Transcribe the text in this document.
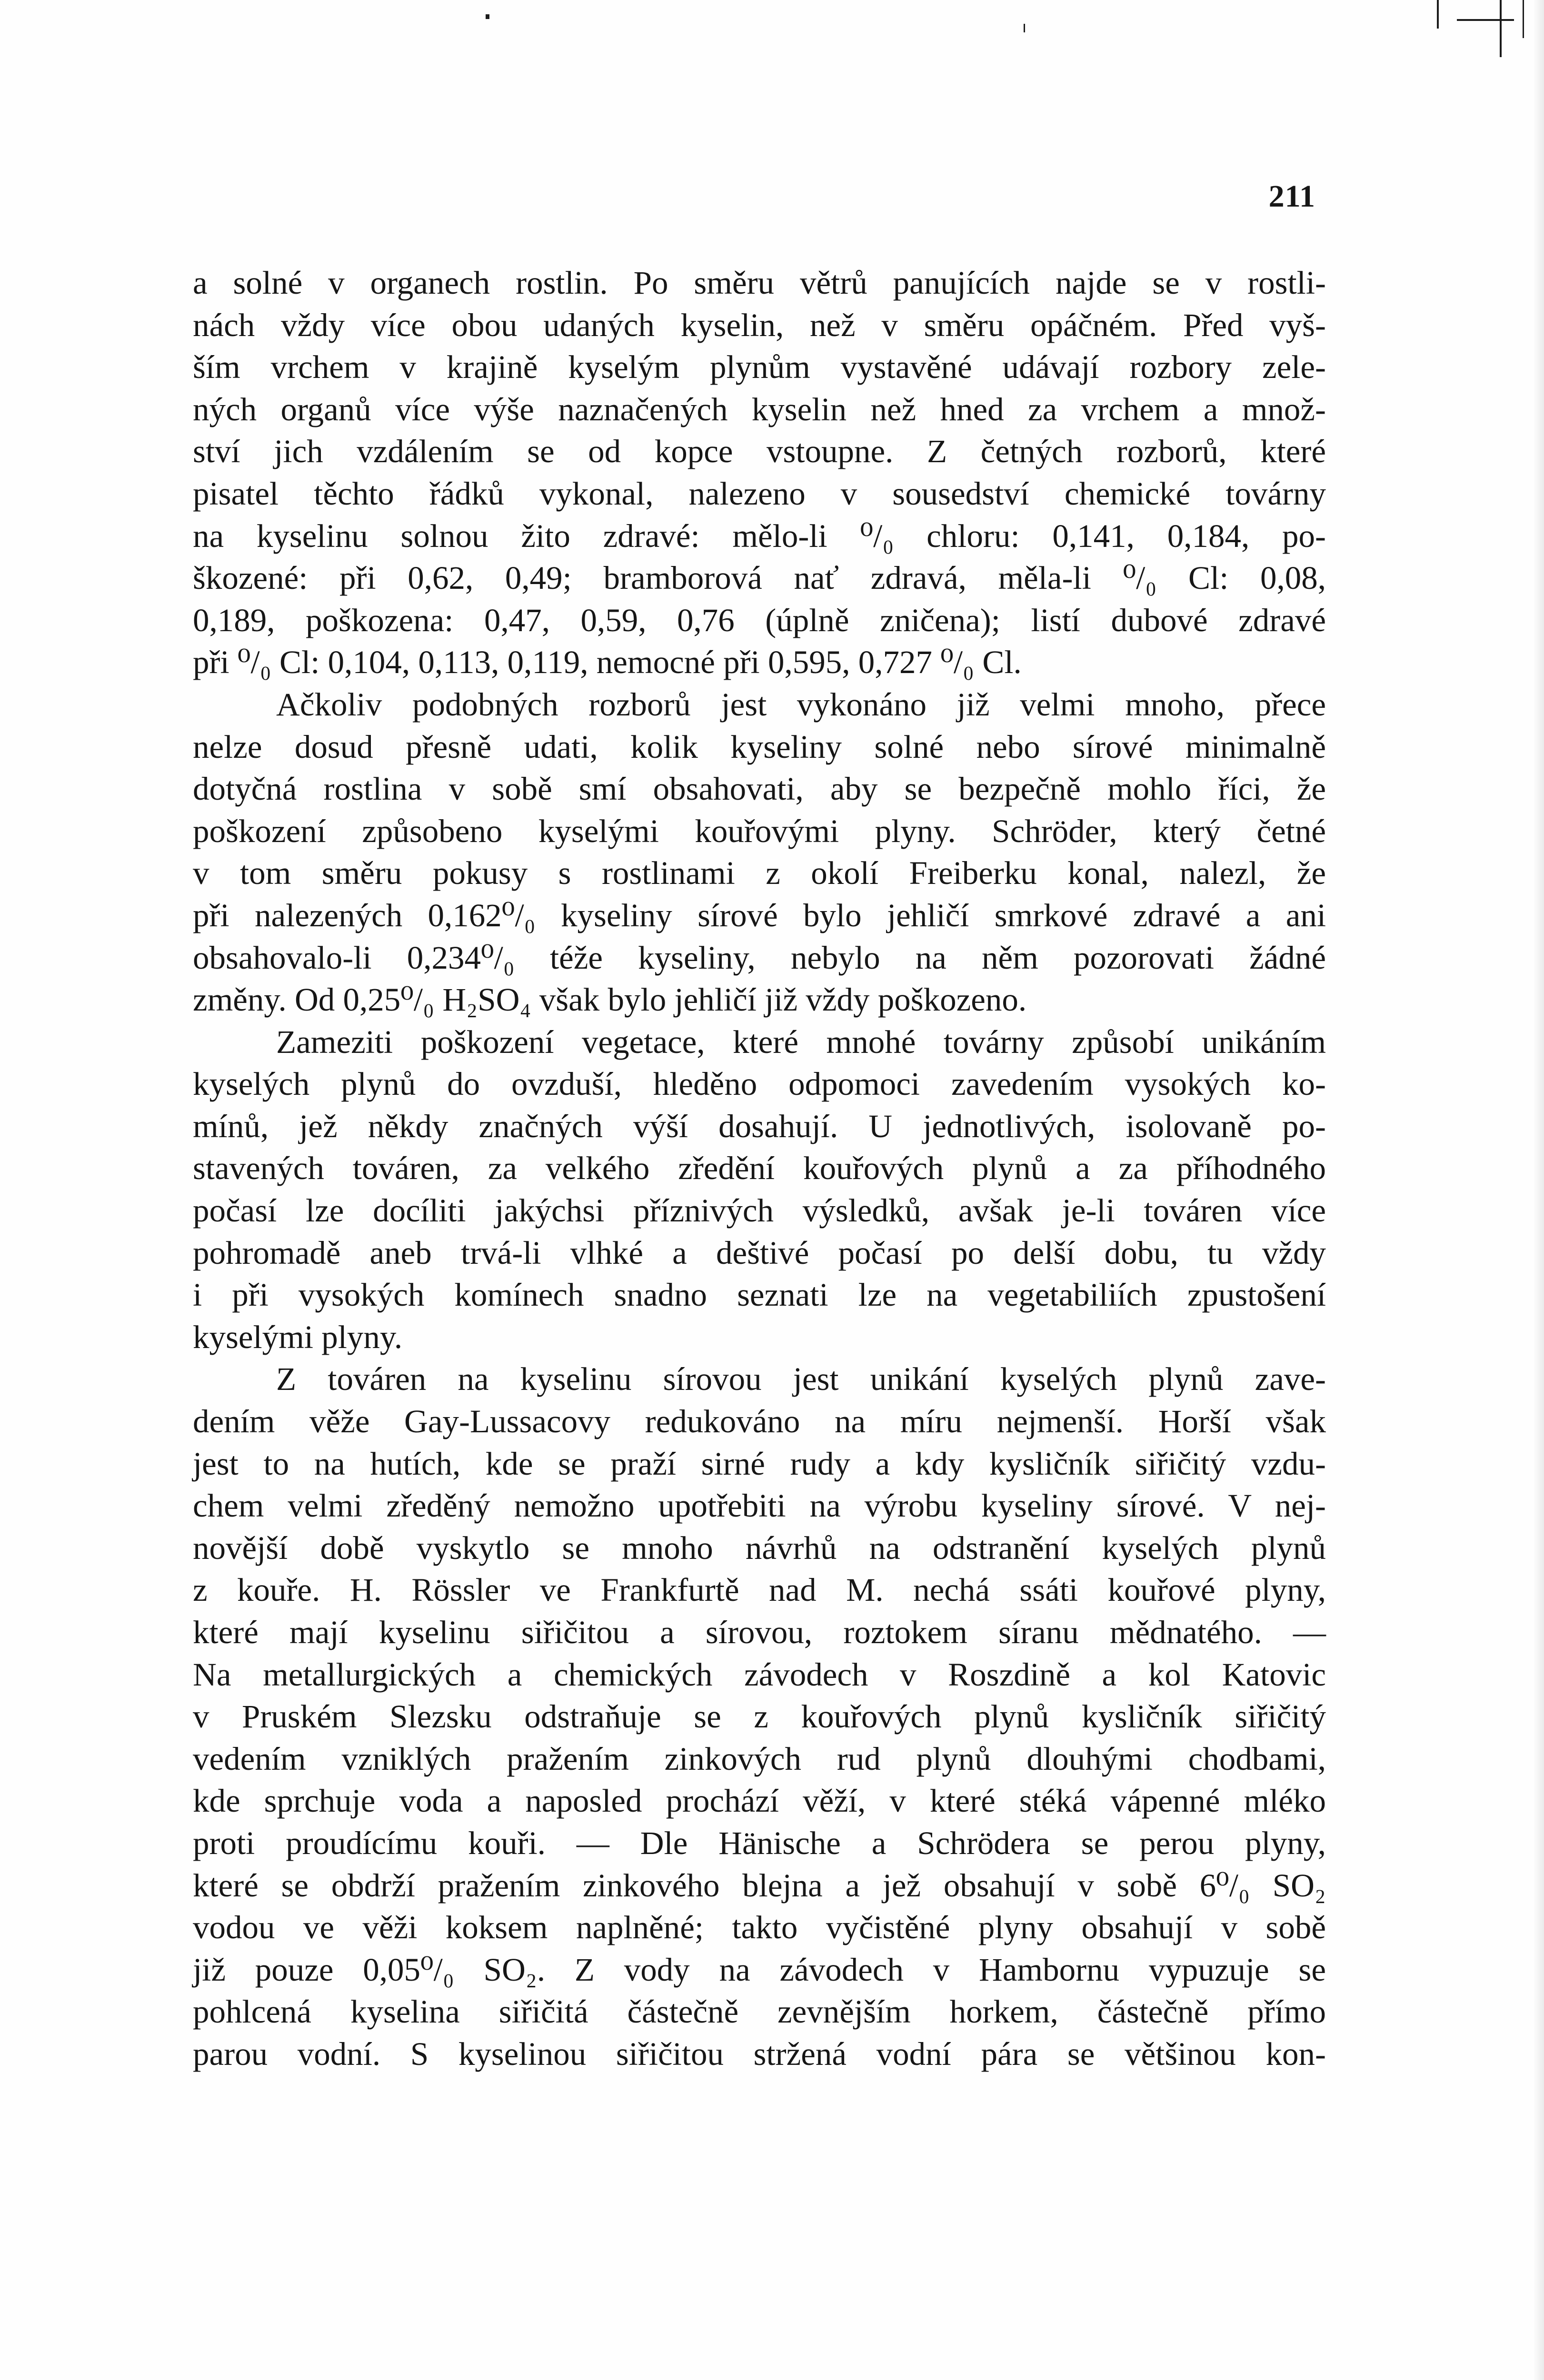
211
a solné v organech rostlin. Po směru větrů panujících najde se v rostli-
nách vždy více obou udaných kyselin, než v směru opáčném. Před vyš-
ším vrchem v krajině kyselým plynům vystavěné udávají rozbory zele-
ných organů více výše naznačených kyselin než hned za vrchem a množ-
ství jich vzdálením se od kopce vstoupne. Z četných rozborů, které
pisatel těchto řádků vykonal, nalezeno v sousedství chemické továrny
na kyselinu solnou žito zdravé: mělo-li ⁰/₀ chloru: 0,141, 0,184, po-
škozené: při 0,62, 0,49; bramborová nať zdravá, měla-li ⁰/₀ Cl: 0,08,
0,189, poškozena: 0,47, 0,59, 0,76 (úplně zničena); listí dubové zdravé
při ⁰/₀ Cl: 0,104, 0,113, 0,119, nemocné při 0,595, 0,727 ⁰/₀ Cl.
Ačkoliv podobných rozborů jest vykonáno již velmi mnoho, přece
nelze dosud přesně udati, kolik kyseliny solné nebo sírové minimalně
dotyčná rostlina v sobě smí obsahovati, aby se bezpečně mohlo říci, že
poškození způsobeno kyselými kouřovými plyny. Schröder, který četné
v tom směru pokusy s rostlinami z okolí Freiberku konal, nalezl, že
při nalezených 0,162⁰/₀ kyseliny sírové bylo jehličí smrkové zdravé a ani
obsahovalo-li 0,234⁰/₀ téže kyseliny, nebylo na něm pozorovati žádné
změny. Od 0,25⁰/₀ H₂SO₄ však bylo jehličí již vždy poškozeno.
Zameziti poškození vegetace, které mnohé továrny způsobí unikáním
kyselých plynů do ovzduší, hleděno odpomoci zavedením vysokých ko-
mínů, jež někdy značných výší dosahují. U jednotlivých, isolovaně po-
stavených továren, za velkého zředění kouřových plynů a za příhodného
počasí lze docíliti jakýchsi příznivých výsledků, avšak je-li továren více
pohromadě aneb trvá-li vlhké a deštivé počasí po delší dobu, tu vždy
i při vysokých komínech snadno seznati lze na vegetabiliích zpustošení
kyselými plyny.
Z továren na kyselinu sírovou jest unikání kyselých plynů zave-
dením věže Gay-Lussacovy redukováno na míru nejmenší. Horší však
jest to na hutích, kde se praží sirné rudy a kdy kysličník siřičitý vzdu-
chem velmi zředěný nemožno upotřebiti na výrobu kyseliny sírové. V nej-
novější době vyskytlo se mnoho návrhů na odstranění kyselých plynů
z kouře. H. Rössler ve Frankfurtě nad M. nechá ssáti kouřové plyny,
které mají kyselinu siřičitou a sírovou, roztokem síranu mědnatého. —
Na metallurgických a chemických závodech v Roszdině a kol Katovic
v Pruském Slezsku odstraňuje se z kouřových plynů kysličník siřičitý
vedením vzniklých pražením zinkových rud plynů dlouhými chodbami,
kde sprchuje voda a naposled prochází věží, v které stéká vápenné mléko
proti proudícímu kouři. — Dle Hänische a Schrödera se perou plyny,
které se obdrží pražením zinkového blejna a jež obsahují v sobě 6⁰/₀ SO₂
vodou ve věži koksem naplněné; takto vyčistěné plyny obsahují v sobě
již pouze 0,05⁰/₀ SO₂. Z vody na závodech v Hambornu vypuzuje se
pohlcená kyselina siřičitá částečně zevnějším horkem, částečně přímo
parou vodní. S kyselinou siřičitou stržená vodní pára se většinou kon-
